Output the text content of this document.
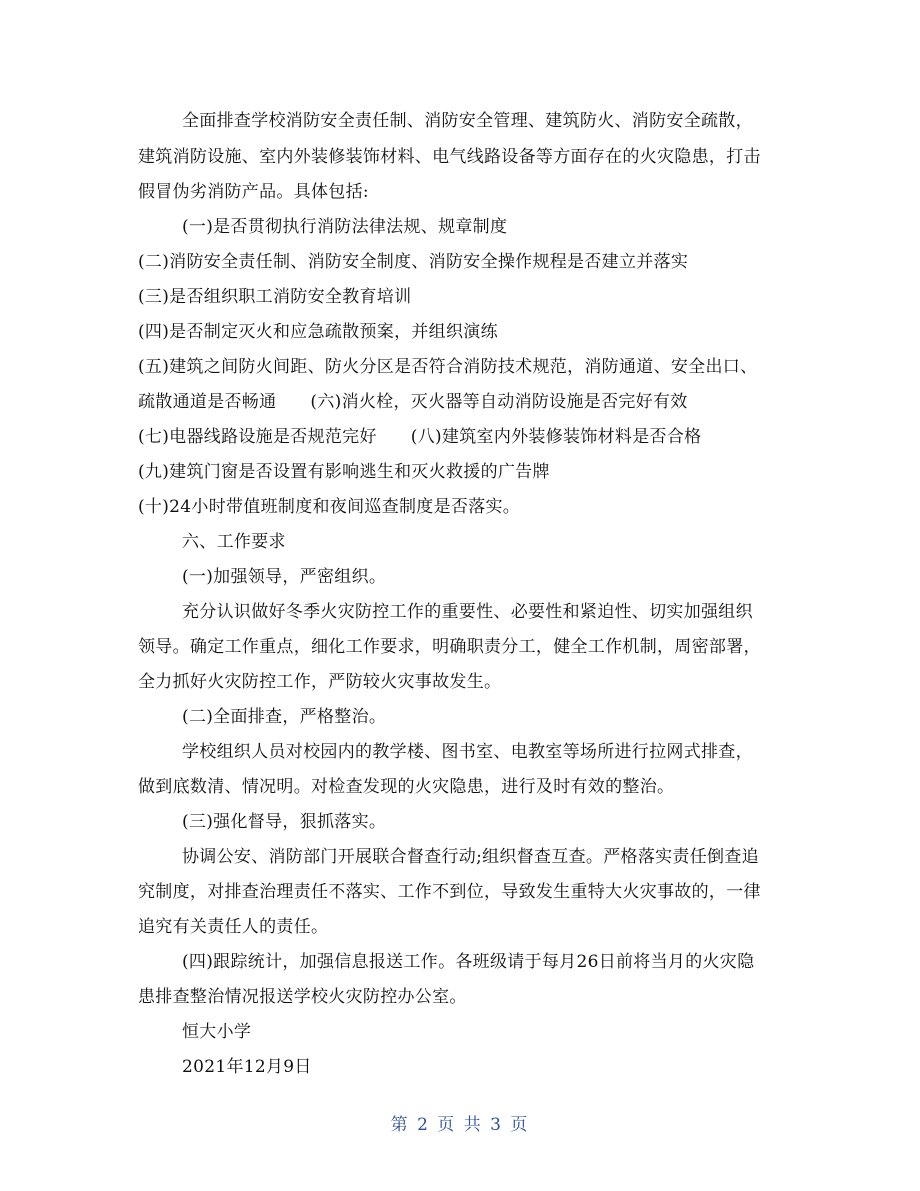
全面排查学校消防安全责任制、消防安全管理、建筑防火、消防安全疏散，
建筑消防设施、室内外装修装饰材料、电气线路设备等方面存在的火灾隐患，打击
假冒伪劣消防产品。具体包括:
(一)是否贯彻执行消防法律法规、规章制度
(二)消防安全责任制、消防安全制度、消防安全操作规程是否建立并落实
(三)是否组织职工消防安全教育培训
(四)是否制定灭火和应急疏散预案，并组织演练
(五)建筑之间防火间距、防火分区是否符合消防技术规范，消防通道、安全出口、
疏散通道是否畅通 (六)消火栓，灭火器等自动消防设施是否完好有效
(七)电器线路设施是否规范完好 (八)建筑室内外装修装饰材料是否合格
(九)建筑门窗是否设置有影响逃生和灭火救援的广告牌
(十)24小时带值班制度和夜间巡查制度是否落实。
六、工作要求
(一)加强领导，严密组织。
充分认识做好冬季火灾防控工作的重要性、必要性和紧迫性、切实加强组织
领导。确定工作重点，细化工作要求，明确职责分工，健全工作机制，周密部署，
全力抓好火灾防控工作，严防较火灾事故发生。
(二)全面排查，严格整治。
学校组织人员对校园内的教学楼、图书室、电教室等场所进行拉网式排查，
做到底数清、情况明。对检查发现的火灾隐患，进行及时有效的整治。
(三)强化督导，狠抓落实。
协调公安、消防部门开展联合督查行动;组织督查互查。严格落实责任倒查追
究制度，对排查治理责任不落实、工作不到位，导致发生重特大火灾事故的，一律
追究有关责任人的责任。
(四)跟踪统计，加强信息报送工作。各班级请于每月26日前将当月的火灾隐
患排查整治情况报送学校火灾防控办公室。
恒大小学
2021年12月9日
第 2 页 共 3 页
